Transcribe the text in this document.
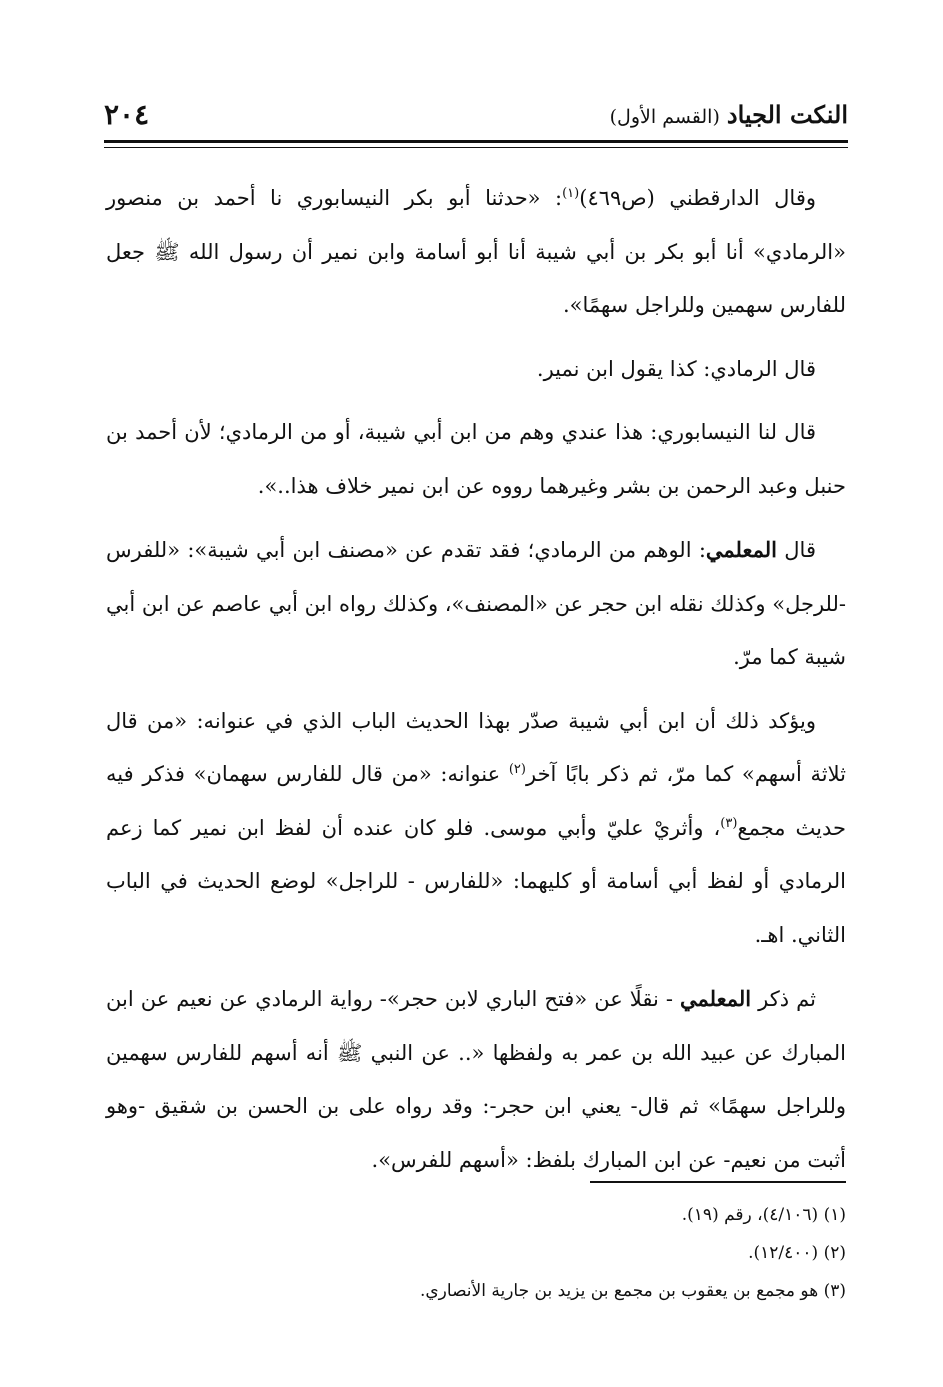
النكت الجياد (القسم الأول)
٢٠٤

وقال الدارقطني (ص٤٦٩)$^{(١)}$: «حدثنا أبو بكر النيسابوري نا أحمد بن منصور «الرمادي» أنا أبو بكر بن أبي شيبة أنا أبو أسامة وابن نمير أن رسول الله ﷺ جعل للفارس سهمين وللراجل سهمًا».

قال الرمادي: كذا يقول ابن نمير.

قال لنا النيسابوري: هذا عندي وهم من ابن أبي شيبة، أو من الرمادي؛ لأن أحمد بن حنبل وعبد الرحمن بن بشر وغيرهما رووه عن ابن نمير خلاف هذا..».

قال المعلمي: الوهم من الرمادي؛ فقد تقدم عن «مصنف ابن أبي شيبة»: «للفرس -للرجل» وكذلك نقله ابن حجر عن «المصنف»، وكذلك رواه ابن أبي عاصم عن ابن أبي شيبة كما مرّ.

ويؤكد ذلك أن ابن أبي شيبة صدّر بهذا الحديث الباب الذي في عنوانه: «من قال ثلاثة أسهم» كما مرّ، ثم ذكر بابًا آخر$^{(٢)}$ عنوانه: «من قال للفارس سهمان» فذكر فيه حديث مجمع$^{(٣)}$، وأثريْ عليّ وأبي موسى. فلو كان عنده أن لفظ ابن نمير كما زعم الرمادي أو لفظ أبي أسامة أو كليهما: «للفارس - للراجل» لوضع الحديث في الباب الثاني. اهـ.

ثم ذكر المعلمي - نقلًا عن «فتح الباري لابن حجر»- رواية الرمادي عن نعيم عن ابن المبارك عن عبيد الله بن عمر به ولفظها «.. عن النبي ﷺ أنه أسهم للفارس سهمين وللراجل سهمًا» ثم قال- يعني ابن حجر-: وقد رواه على بن الحسن بن شقيق -وهو أثبت من نعيم- عن ابن المبارك بلفظ: «أسهم للفرس».

(١) (٤/١٠٦)، رقم (١٩).

(٢) (١٢/٤٠٠).

(٣) هو مجمع بن يعقوب بن مجمع بن يزيد بن جارية الأنصاري.
